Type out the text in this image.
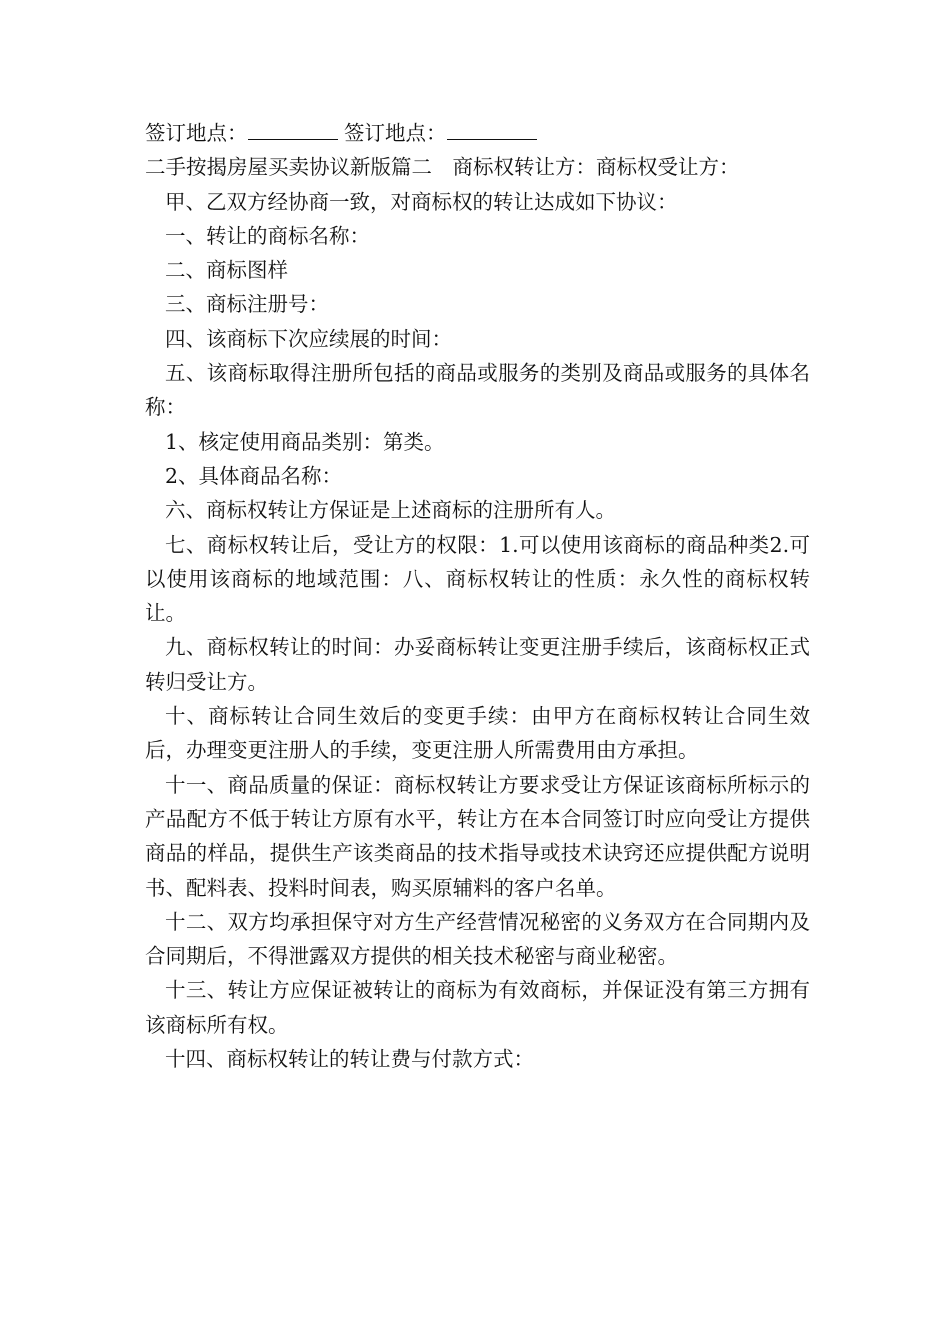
签订地点：	签订地点：

二手按揭房屋买卖协议新版篇二　商标权转让方：商标权受让方：

甲、乙双方经协商一致，对商标权的转让达成如下协议：

一、转让的商标名称：

二、商标图样

三、商标注册号：

四、该商标下次应续展的时间：

五、该商标取得注册所包括的商品或服务的类别及商品或服务的具体名称：

1、核定使用商品类别：第类。

2、具体商品名称：

六、商标权转让方保证是上述商标的注册所有人。

七、商标权转让后，受让方的权限：1.可以使用该商标的商品种类2.可以使用该商标的地域范围：八、商标权转让的性质：永久性的商标权转让。

九、商标权转让的时间：办妥商标转让变更注册手续后，该商标权正式转归受让方。

十、商标转让合同生效后的变更手续：由甲方在商标权转让合同生效后，办理变更注册人的手续，变更注册人所需费用由方承担。

十一、商品质量的保证：商标权转让方要求受让方保证该商标所标示的产品配方不低于转让方原有水平，转让方在本合同签订时应向受让方提供商品的样品，提供生产该类商品的技术指导或技术诀窍还应提供配方说明书、配料表、投料时间表，购买原辅料的客户名单。

十二、双方均承担保守对方生产经营情况秘密的义务双方在合同期内及合同期后，不得泄露双方提供的相关技术秘密与商业秘密。

十三、转让方应保证被转让的商标为有效商标，并保证没有第三方拥有该商标所有权。

十四、商标权转让的转让费与付款方式：
